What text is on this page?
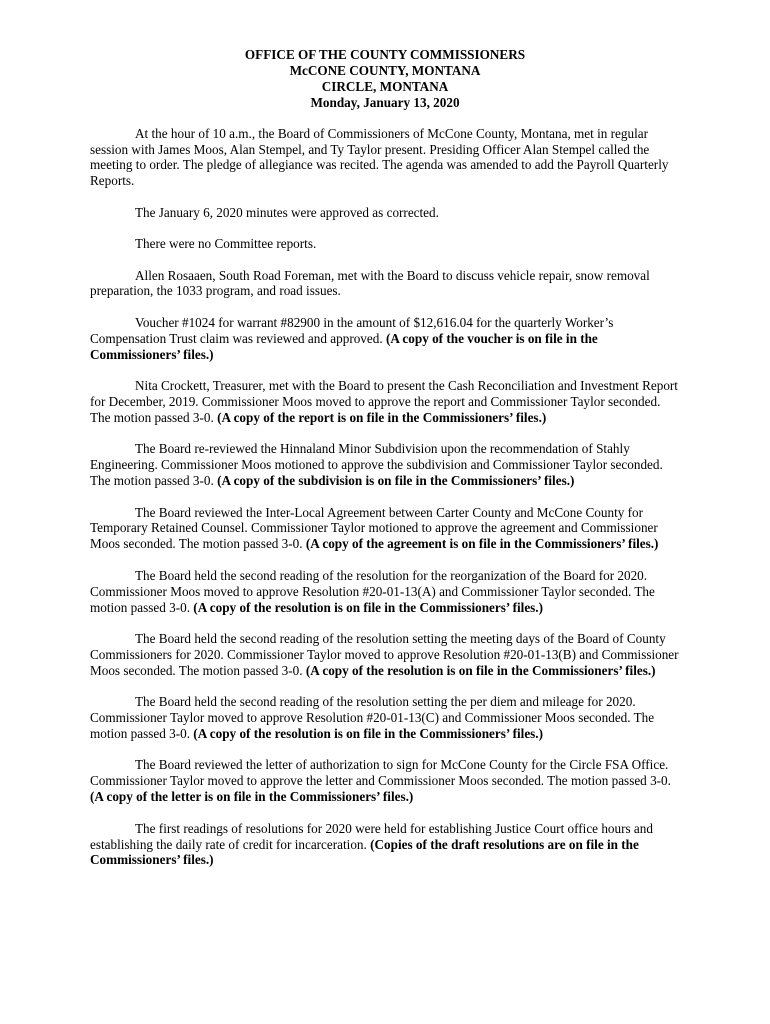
OFFICE OF THE COUNTY COMMISSIONERS
McCONE COUNTY, MONTANA
CIRCLE, MONTANA
Monday, January 13, 2020

At the hour of 10 a.m., the Board of Commissioners of McCone County, Montana, met in regular session with James Moos, Alan Stempel, and Ty Taylor present. Presiding Officer Alan Stempel called the meeting to order. The pledge of allegiance was recited. The agenda was amended to add the Payroll Quarterly Reports.

The January 6, 2020 minutes were approved as corrected.

There were no Committee reports.

Allen Rosaaen, South Road Foreman, met with the Board to discuss vehicle repair, snow removal preparation, the 1033 program, and road issues.

Voucher #1024 for warrant #82900 in the amount of $12,616.04 for the quarterly Worker’s Compensation Trust claim was reviewed and approved. (A copy of the voucher is on file in the Commissioners’ files.)

Nita Crockett, Treasurer, met with the Board to present the Cash Reconciliation and Investment Report for December, 2019. Commissioner Moos moved to approve the report and Commissioner Taylor seconded. The motion passed 3-0. (A copy of the report is on file in the Commissioners’ files.)

The Board re-reviewed the Hinnaland Minor Subdivision upon the recommendation of Stahly Engineering. Commissioner Moos motioned to approve the subdivision and Commissioner Taylor seconded. The motion passed 3-0. (A copy of the subdivision is on file in the Commissioners’ files.)

The Board reviewed the Inter-Local Agreement between Carter County and McCone County for Temporary Retained Counsel. Commissioner Taylor motioned to approve the agreement and Commissioner Moos seconded. The motion passed 3-0. (A copy of the agreement is on file in the Commissioners’ files.)

The Board held the second reading of the resolution for the reorganization of the Board for 2020. Commissioner Moos moved to approve Resolution #20-01-13(A) and Commissioner Taylor seconded. The motion passed 3-0. (A copy of the resolution is on file in the Commissioners’ files.)

The Board held the second reading of the resolution setting the meeting days of the Board of County Commissioners for 2020. Commissioner Taylor moved to approve Resolution #20-01-13(B) and Commissioner Moos seconded. The motion passed 3-0. (A copy of the resolution is on file in the Commissioners’ files.)

The Board held the second reading of the resolution setting the per diem and mileage for 2020. Commissioner Taylor moved to approve Resolution #20-01-13(C) and Commissioner Moos seconded. The motion passed 3-0. (A copy of the resolution is on file in the Commissioners’ files.)

The Board reviewed the letter of authorization to sign for McCone County for the Circle FSA Office. Commissioner Taylor moved to approve the letter and Commissioner Moos seconded. The motion passed 3-0. (A copy of the letter is on file in the Commissioners’ files.)

The first readings of resolutions for 2020 were held for establishing Justice Court office hours and establishing the daily rate of credit for incarceration. (Copies of the draft resolutions are on file in the Commissioners’ files.)
